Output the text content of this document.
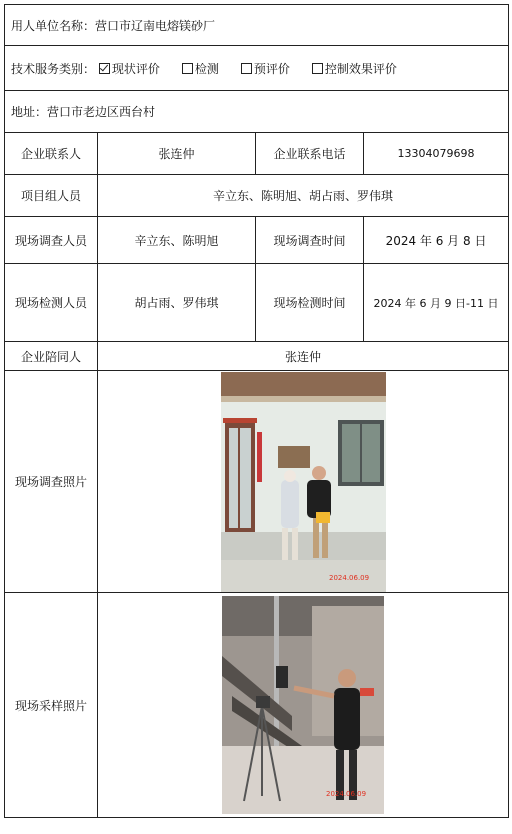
用人单位名称：营口市辽南电熔镁砂厂			
技术服务类别： 现状评价 检测 预评价 控制效果评价			
地址：营口市老边区西台村			
企业联系人	张连仲	企业联系电话	13304079698
项目组人员	辛立东、陈明旭、胡占雨、罗伟琪		
现场调查人员	辛立东、陈明旭	现场调查时间	2024 年 6 月 8 日
现场检测人员	胡占雨、罗伟琪	现场检测时间	2024 年 6 月 9 日-11 日
企业陪同人	张连仲		
现场调查照片	2024.06.09		

现场采样照片	2024.06.09		
